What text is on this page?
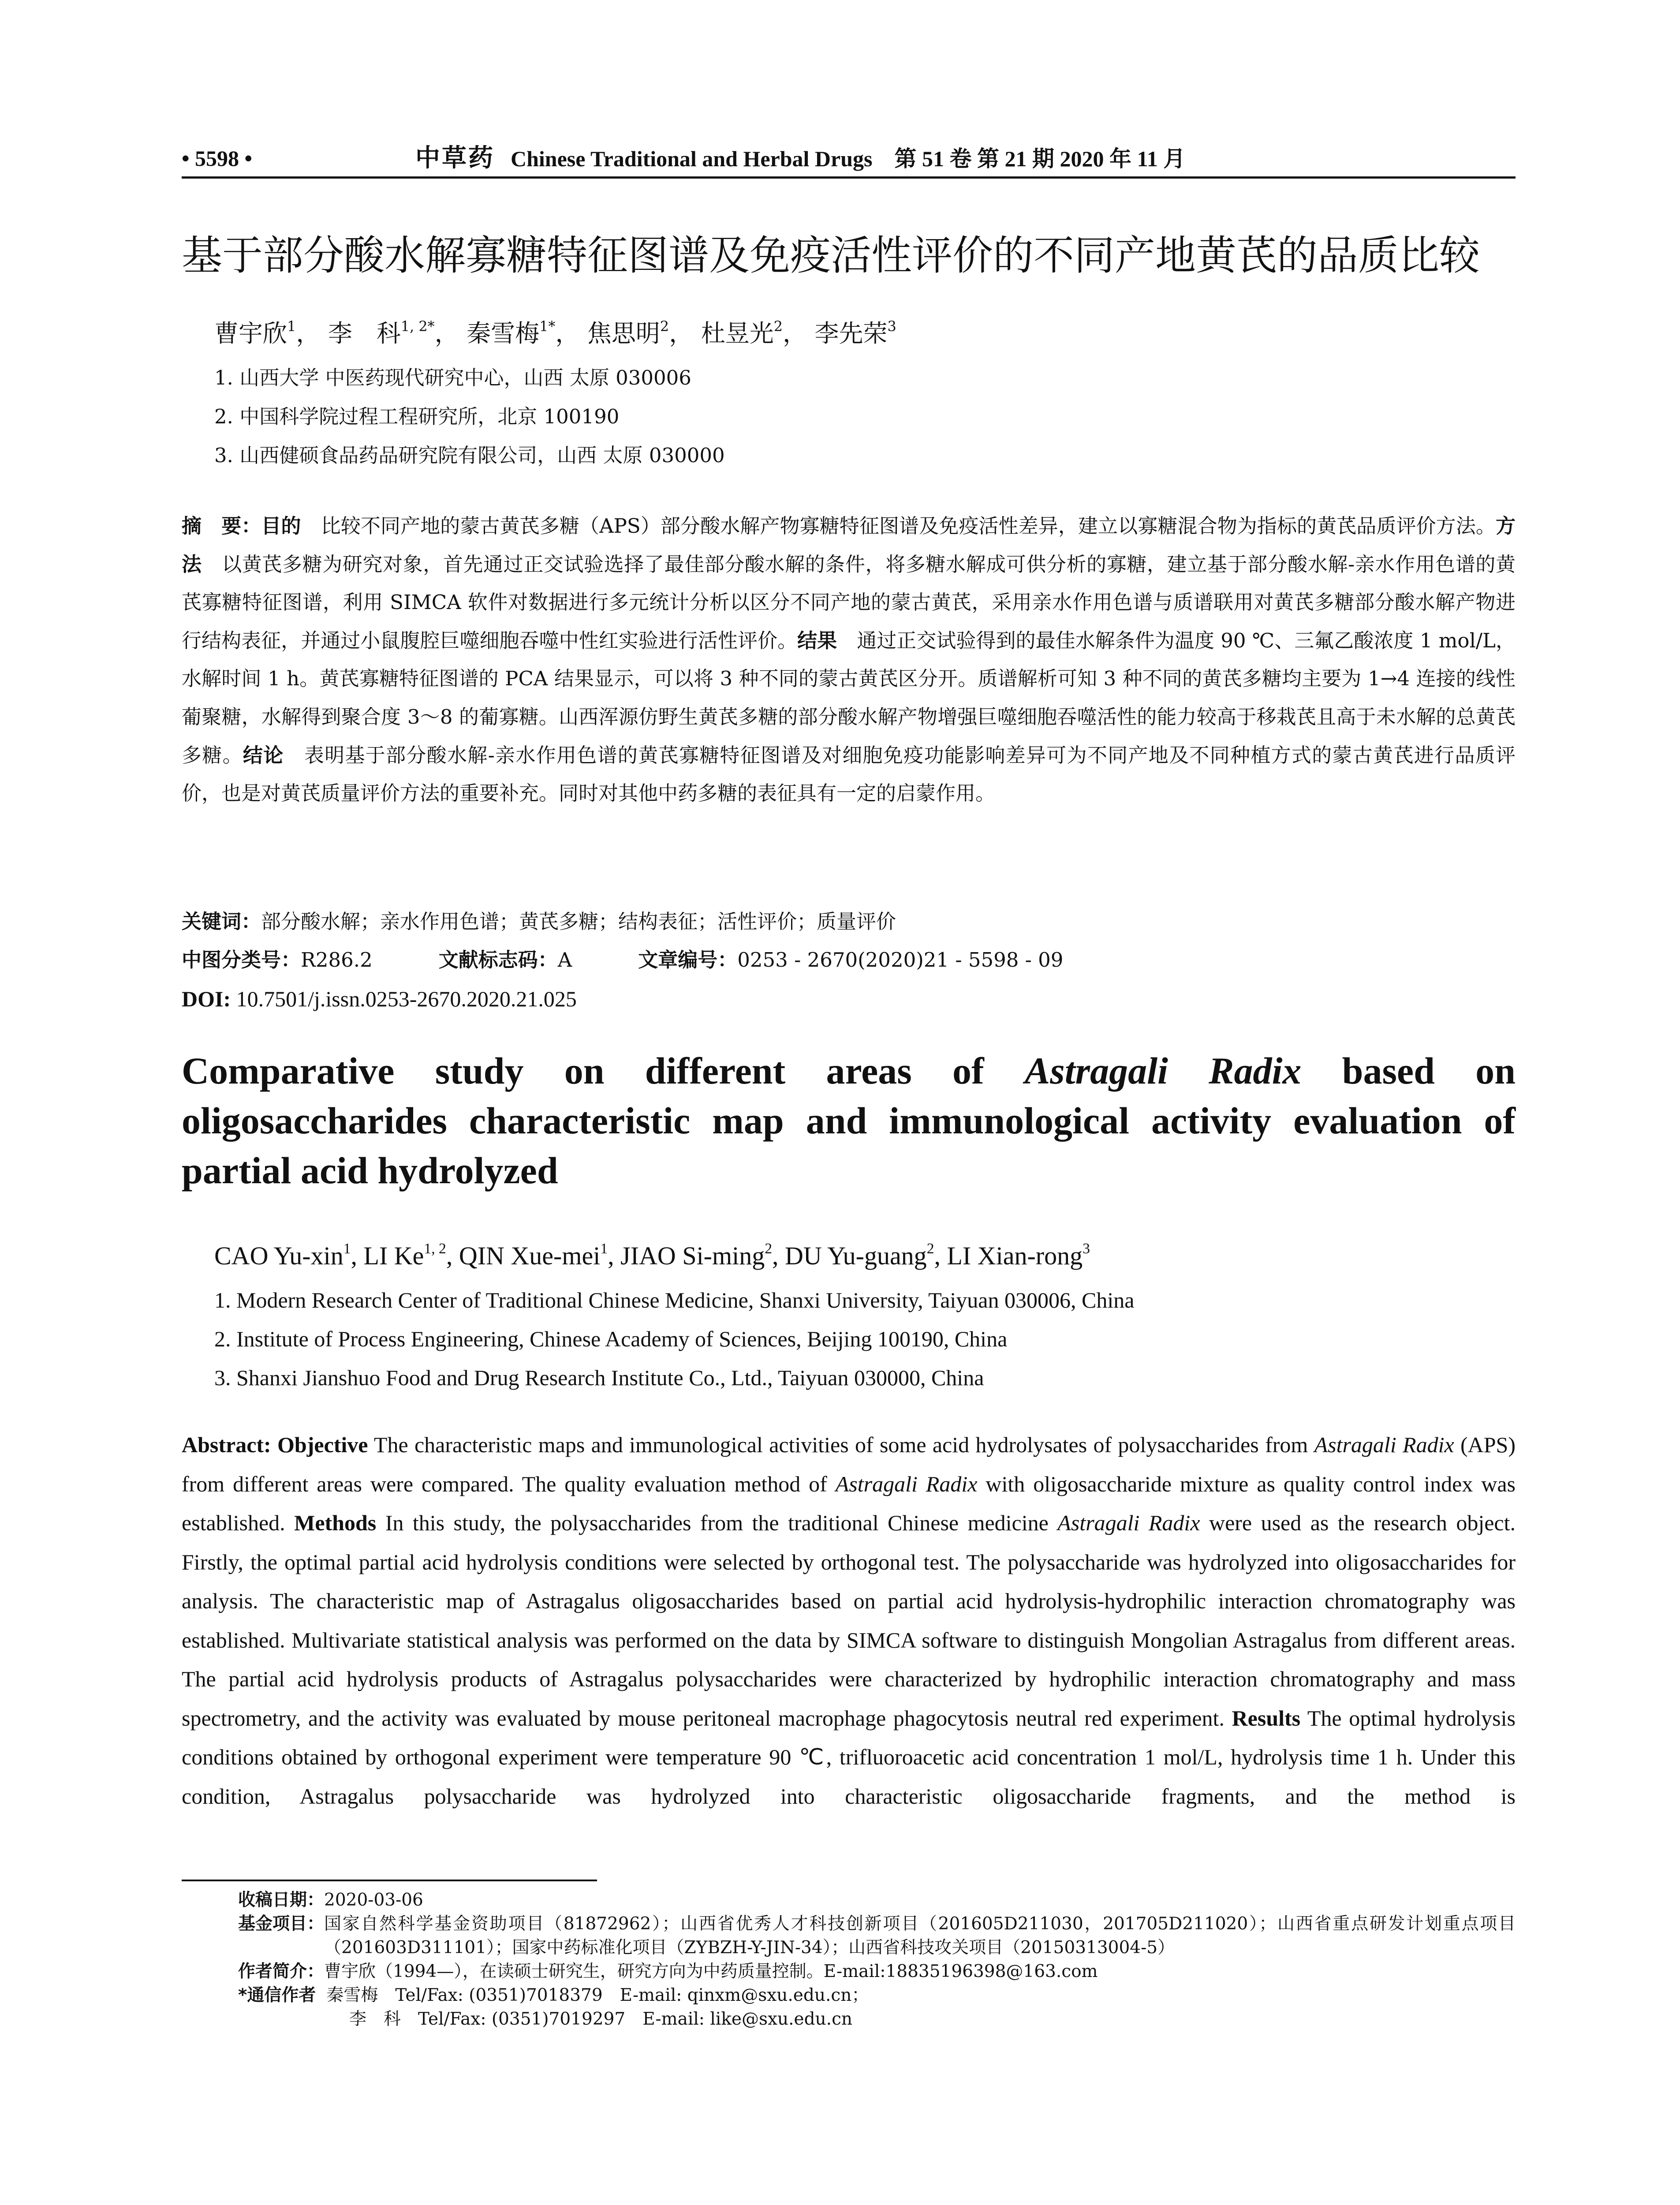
• 5598 •	中草药 Chinese Traditional and Herbal Drugs 第 51 卷 第 21 期 2020 年 11 月
基于部分酸水解寡糖特征图谱及免疫活性评价的不同产地黄芪的品质比较
曹宇欣$^1$， 李　科$^{1, 2*}$， 秦雪梅$^{1*}$， 焦思明$^2$， 杜昱光$^2$， 李先荣$^3$
1. 山西大学 中医药现代研究中心，山西 太原 030006
2. 中国科学院过程工程研究所，北京 100190
3. 山西健硕食品药品研究院有限公司，山西 太原 030000

摘　要：目的　比较不同产地的蒙古黄芪多糖（APS）部分酸水解产物寡糖特征图谱及免疫活性差异，建立以寡糖混合物为指标的黄芪品质评价方法。方法　以黄芪多糖为研究对象，首先通过正交试验选择了最佳部分酸水解的条件，将多糖水解成可供分析的寡糖，建立基于部分酸水解-亲水作用色谱的黄芪寡糖特征图谱，利用 SIMCA 软件对数据进行多元统计分析以区分不同产地的蒙古黄芪，采用亲水作用色谱与质谱联用对黄芪多糖部分酸水解产物进行结构表征，并通过小鼠腹腔巨噬细胞吞噬中性红实验进行活性评价。结果　通过正交试验得到的最佳水解条件为温度 90 ℃、三氟乙酸浓度 1 mol/L，水解时间 1 h。黄芪寡糖特征图谱的 PCA 结果显示，可以将 3 种不同的蒙古黄芪区分开。质谱解析可知 3 种不同的黄芪多糖均主要为 1→4 连接的线性葡聚糖，水解得到聚合度 3～8 的葡寡糖。山西浑源仿野生黄芪多糖的部分酸水解产物增强巨噬细胞吞噬活性的能力较高于移栽芪且高于未水解的总黄芪多糖。结论　表明基于部分酸水解-亲水作用色谱的黄芪寡糖特征图谱及对细胞免疫功能影响差异可为不同产地及不同种植方式的蒙古黄芪进行品质评价，也是对黄芪质量评价方法的重要补充。同时对其他中药多糖的表征具有一定的启蒙作用。

关键词：部分酸水解；亲水作用色谱；黄芪多糖；结构表征；活性评价；质量评价
中图分类号：R286.2	文献标志码：A	文章编号：0253 - 2670(2020)21 - 5598 - 09
DOI: 10.7501/j.issn.0253-2670.2020.21.025
Comparative study on different areas of Astragali Radix based on
oligosaccharides characteristic map and immunological activity evaluation of
partial acid hydrolyzed
CAO Yu-xin$^1$, LI Ke$^{1, 2}$, QIN Xue-mei$^1$, JIAO Si-ming$^2$, DU Yu-guang$^2$, LI Xian-rong$^3$
1. Modern Research Center of Traditional Chinese Medicine, Shanxi University, Taiyuan 030006, China
2. Institute of Process Engineering, Chinese Academy of Sciences, Beijing 100190, China
3. Shanxi Jianshuo Food and Drug Research Institute Co., Ltd., Taiyuan 030000, China

Abstract: Objective The characteristic maps and immunological activities of some acid hydrolysates of polysaccharides from Astragali Radix (APS) from different areas were compared. The quality evaluation method of Astragali Radix with oligosaccharide mixture as quality control index was established. Methods In this study, the polysaccharides from the traditional Chinese medicine Astragali Radix were used as the research object. Firstly, the optimal partial acid hydrolysis conditions were selected by orthogonal test. The polysaccharide was hydrolyzed into oligosaccharides for analysis. The characteristic map of Astragalus oligosaccharides based on partial acid hydrolysis-hydrophilic interaction chromatography was established. Multivariate statistical analysis was performed on the data by SIMCA software to distinguish Mongolian Astragalus from different areas. The partial acid hydrolysis products of Astragalus polysaccharides were characterized by hydrophilic interaction chromatography and mass spectrometry, and the activity was evaluated by mouse peritoneal macrophage phagocytosis neutral red experiment. Results The optimal hydrolysis conditions obtained by orthogonal experiment were temperature 90 ℃, trifluoroacetic acid concentration 1 mol/L, hydrolysis time 1 h. Under this condition, Astragalus polysaccharide was hydrolyzed into characteristic oligosaccharide fragments, and the method is

收稿日期： 2020-03-06
基金项目： 国家自然科学基金资助项目（81872962）；山西省优秀人才科技创新项目（201605D211030，201705D211020）；山西省重点研发计划重点项目（201603D311101）；国家中药标准化项目（ZYBZH-Y-JIN-34）；山西省科技攻关项目（20150313004-5）
作者简介： 曹宇欣（1994—），在读硕士研究生，研究方向为中药质量控制。E-mail:18835196398@163.com
*通信作者 秦雪梅　Tel/Fax: (0351)7018379　E-mail: qinxm@sxu.edu.cn；
李　科　Tel/Fax: (0351)7019297　E-mail: like@sxu.edu.cn
